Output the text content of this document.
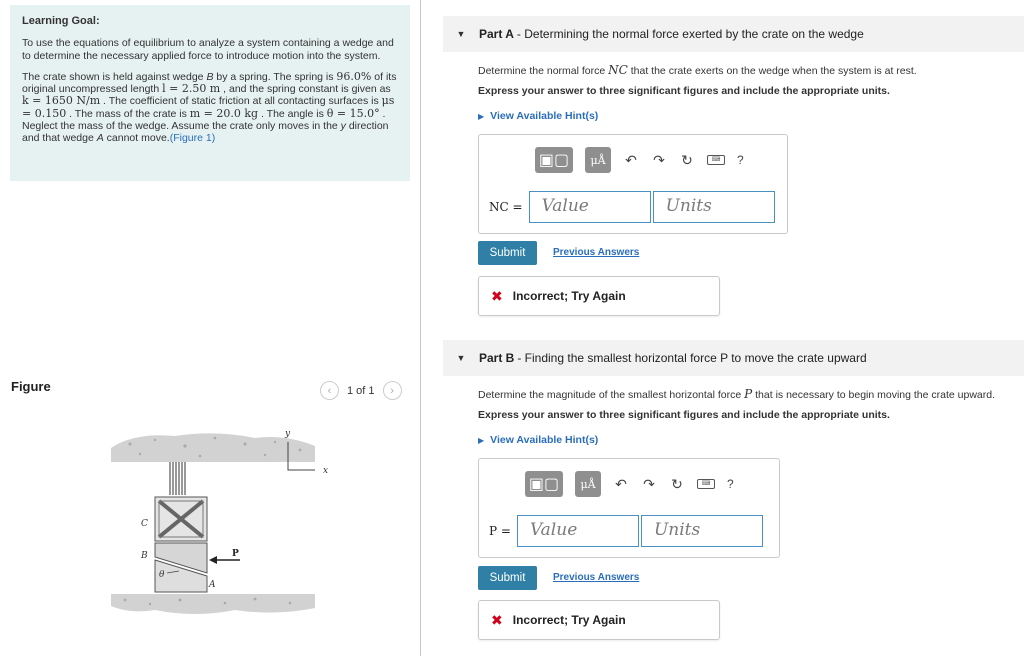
Learning Goal:

To use the equations of equilibrium to analyze a system containing a wedge and to determine the necessary applied force to introduce motion into the system.

The crate shown is held against wedge B by a spring. The spring is 96.0% of its original uncompressed length l = 2.50 m , and the spring constant is given as k = 1650 N/m . The coefficient of static friction at all contacting surfaces is μs = 0.150 . The mass of the crate is m = 20.0 kg . The angle is θ = 15.0° . Neglect the mass of the wedge. Assume the crate only moves in the y direction and that wedge A cannot move.(Figure 1)

Figure	‹	1 of 1	›
y
x
C
B
A
θ
P
▼	Part A - Determining the normal force exerted by the crate on the wedge
Determine the normal force NC that the crate exerts on the wedge when the system is at rest.
Express your answer to three significant figures and include the appropriate units.
▶ View Available Hint(s)
▣▢	μÅ	↶ ↷ ↻	⌨	?
NC =	Value	Units
Submit	Previous Answers
✖ Incorrect; Try Again
▼	Part B - Finding the smallest horizontal force P to move the crate upward
Determine the magnitude of the smallest horizontal force P that is necessary to begin moving the crate upward.
Express your answer to three significant figures and include the appropriate units.
▶ View Available Hint(s)
▣▢	μÅ	↶ ↷ ↻	⌨	?
P =	Value	Units
Submit	Previous Answers
✖ Incorrect; Try Again
